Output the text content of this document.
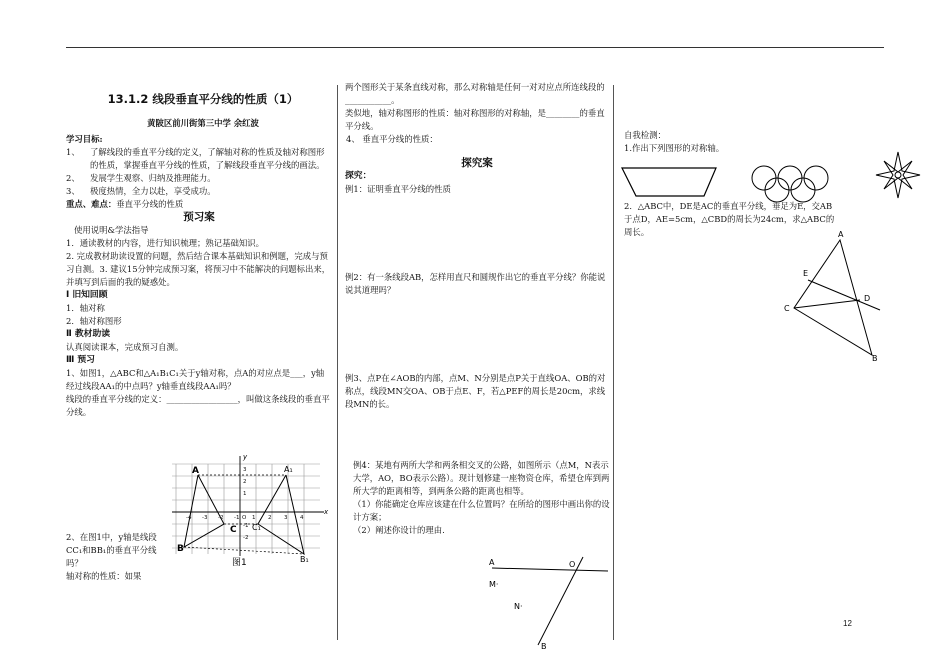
13.1.2 线段垂直平分线的性质（1）
黄陂区前川街第三中学 余红波
学习目标:
1、 了解线段的垂直平分线的定义，了解轴对称的性质及轴对称图形的性质，掌握垂直平分线的性质，了解线段垂直平分线的画法。
2、 发展学生观察、归纳及推理能力。
3、 极度热情，全力以赴，享受成功。
重点、难点：垂直平分线的性质
预习案
使用说明&学法指导
1．通读教材的内容，进行知识梳理；熟记基础知识。
2. 完成教材助读设置的问题，然后结合课本基础知识和例题，完成与预习自测。3. 建议15分钟完成预习案，将预习中不能解决的问题标出来，并填写到后面的我的疑惑处。
Ⅰ 旧知回顾
1．轴对称
2．轴对称图形
Ⅱ 教材助读
认真阅读课本，完成预习自测。
Ⅲ 预习
1、如图1，△ABC和△A₁B₁C₁关于y轴对称，点A的对应点是___，y轴经过线段AA₁的中点吗？y轴垂直线段AA₁吗？
线段的垂直平分线的定义：_________________，叫做这条线段的垂直平分线。
2、在图1中，y轴是线段CC₁和BB₁的垂直平分线吗？
轴对称的性质：如果
x
y
-4 -3 -2	1 2 3 4
-1
3
2
1
-1
-2
O
A
B
C
A₁
B₁
C₁
图1
两个图形关于某条直线对称，那么对称轴是任何一对对应点所连线段的___________。
类似地，轴对称图形的性质：轴对称图形的对称轴，是________的垂直平分线。
4、 垂直平分线的性质：
探究案
探究：
例1：证明垂直平分线的性质
例2：有一条线段AB，怎样用直尺和圆规作出它的垂直平分线？你能说说其道理吗？
例3、点P在∠AOB的内部，点M、N分别是点P关于直线OA、OB的对称点，线段MN交OA、OB于点E、F，若△PEF的周长是20cm，求线段MN的长。
例4：某地有两所大学和两条相交叉的公路，如图所示（点M，N表示大学，AO，BO表示公路）。现计划修建一座物资仓库，希望仓库到两所大学的距离相等，到两条公路的距离也相等。
（1）你能确定仓库应该建在什么位置吗？在所给的图形中画出你的设计方案；
（2）阐述你设计的理由.
A	O
M·
N·
B
自我检测：
1.作出下列图形的对称轴。
2．△ABC中，DE是AC的垂直平分线，垂足为E，交AB于点D，AE=5cm，△CBD的周长为24cm，求△ABC的周长。	A
E
D
C
B
12
